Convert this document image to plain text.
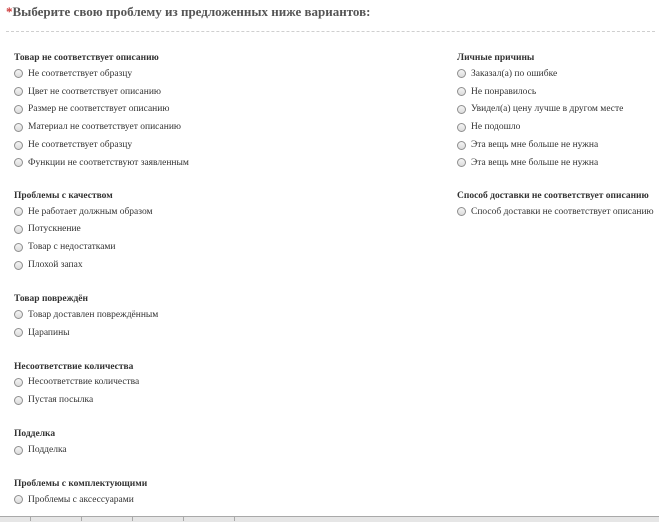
*Выберите свою проблему из предложенных ниже вариантов:
Товар не соответствует описанию
Не соответствует образцу
Цвет не соответствует описанию
Размер не соответствует описанию
Материал не соответствует описанию
Не соответствует образцу
Функции не соответствуют заявленным
Проблемы с качеством
Не работает должным образом
Потускнение
Товар с недостатками
Плохой запах
Товар повреждён
Товар доставлен повреждённым
Царапины
Несоответствие количества
Несоответствие количества
Пустая посылка
Подделка
Подделка
Проблемы с комплектующими
Проблемы с аксессуарами
Личные причины
Заказал(а) по ошибке
Не понравилось
Увидел(а) цену лучше в другом месте
Не подошло
Эта вещь мне больше не нужна
Эта вещь мне больше не нужна
Способ доставки не соответствует описанию
Способ доставки не соответствует описанию
